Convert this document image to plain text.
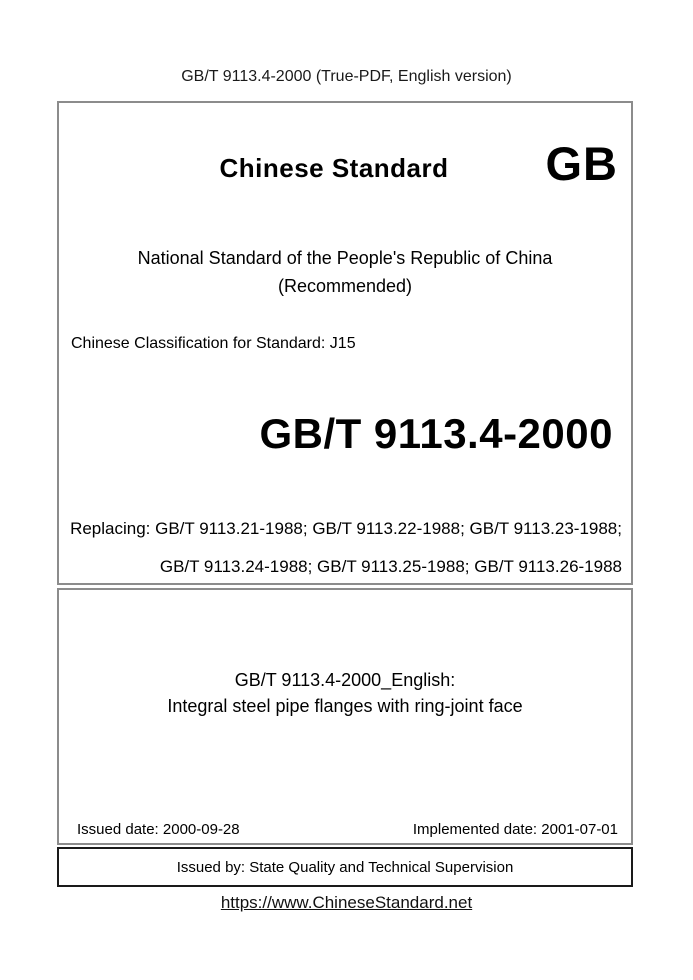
GB/T 9113.4-2000 (True-PDF, English version)
Chinese Standard	GB
National Standard of the People's Republic of China
(Recommended)
Chinese Classification for Standard: J15
GB/T 9113.4-2000
Replacing: GB/T 9113.21-1988; GB/T 9113.22-1988; GB/T 9113.23-1988;
GB/T 9113.24-1988; GB/T 9113.25-1988; GB/T 9113.26-1988
GB/T 9113.4-2000_English:
Integral steel pipe flanges with ring-joint face
Issued date: 2000-09-28	Implemented date: 2001-07-01
Issued by: State Quality and Technical Supervision
https://www.ChineseStandard.net
